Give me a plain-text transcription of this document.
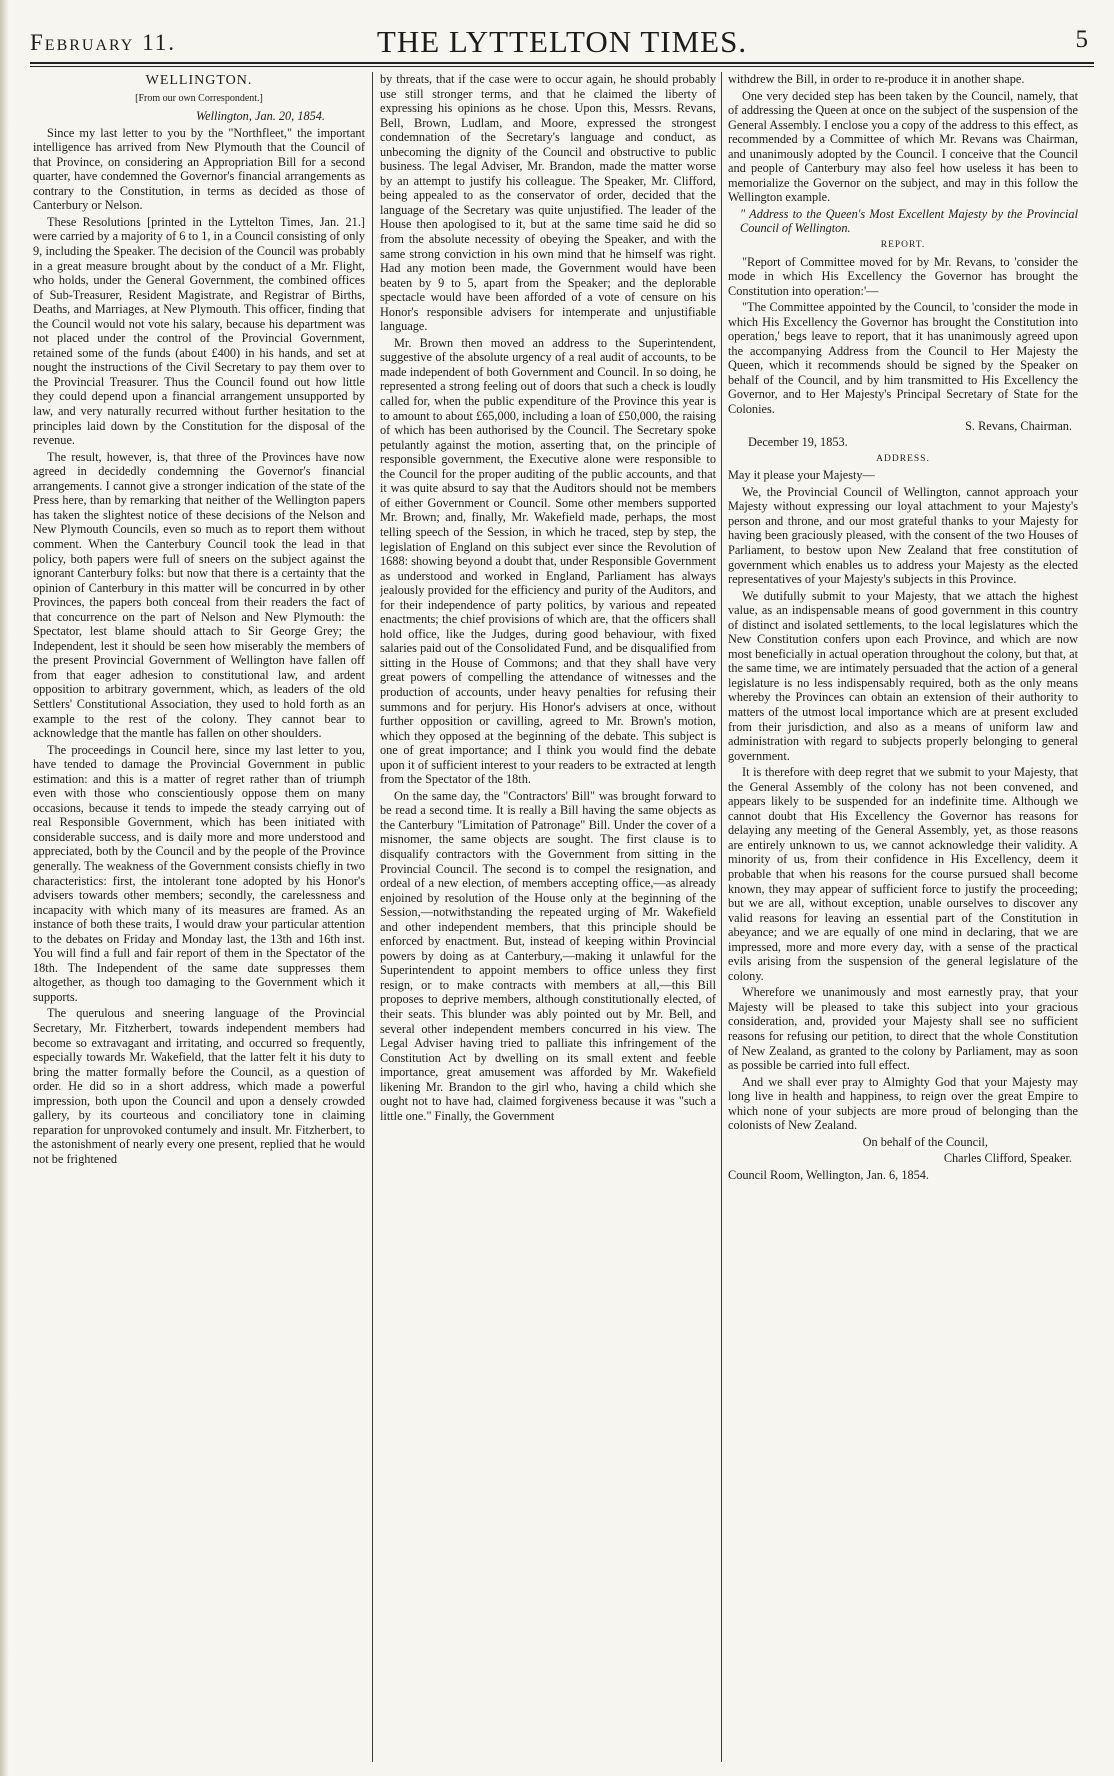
February 11.	THE LYTTELTON TIMES.	5

WELLINGTON.

[From our own Correspondent.]

Wellington, Jan. 20, 1854.

Since my last letter to you by the "Northfleet," the important intelligence has arrived from New Plymouth that the Council of that Province, on considering an Appropriation Bill for a second quarter, have condemned the Governor's financial arrangements as contrary to the Constitution, in terms as decided as those of Canterbury or Nelson.

These Resolutions [printed in the Lyttelton Times, Jan. 21.] were carried by a majority of 6 to 1, in a Council consisting of only 9, including the Speaker. The decision of the Council was probably in a great measure brought about by the conduct of a Mr. Flight, who holds, under the General Government, the combined offices of Sub-Treasurer, Resident Magistrate, and Registrar of Births, Deaths, and Marriages, at New Plymouth. This officer, finding that the Council would not vote his salary, because his department was not placed under the control of the Provincial Government, retained some of the funds (about £400) in his hands, and set at nought the instructions of the Civil Secretary to pay them over to the Provincial Treasurer. Thus the Council found out how little they could depend upon a financial arrangement unsupported by law, and very naturally recurred without further hesitation to the principles laid down by the Constitution for the disposal of the revenue.

The result, however, is, that three of the Provinces have now agreed in decidedly condemning the Governor's financial arrangements. I cannot give a stronger indication of the state of the Press here, than by remarking that neither of the Wellington papers has taken the slightest notice of these decisions of the Nelson and New Plymouth Councils, even so much as to report them without comment. When the Canterbury Council took the lead in that policy, both papers were full of sneers on the subject against the ignorant Canterbury folks: but now that there is a certainty that the opinion of Canterbury in this matter will be concurred in by other Provinces, the papers both conceal from their readers the fact of that concurrence on the part of Nelson and New Plymouth: the Spectator, lest blame should attach to Sir George Grey; the Independent, lest it should be seen how miserably the members of the present Provincial Government of Wellington have fallen off from that eager adhesion to constitutional law, and ardent opposition to arbitrary government, which, as leaders of the old Settlers' Constitutional Association, they used to hold forth as an example to the rest of the colony. They cannot bear to acknowledge that the mantle has fallen on other shoulders.

The proceedings in Council here, since my last letter to you, have tended to damage the Provincial Government in public estimation: and this is a matter of regret rather than of triumph even with those who conscientiously oppose them on many occasions, because it tends to impede the steady carrying out of real Responsible Government, which has been initiated with considerable success, and is daily more and more understood and appreciated, both by the Council and by the people of the Province generally. The weakness of the Government consists chiefly in two characteristics: first, the intolerant tone adopted by his Honor's advisers towards other members; secondly, the carelessness and incapacity with which many of its measures are framed. As an instance of both these traits, I would draw your particular attention to the debates on Friday and Monday last, the 13th and 16th inst. You will find a full and fair report of them in the Spectator of the 18th. The Independent of the same date suppresses them altogether, as though too damaging to the Government which it supports.

The querulous and sneering language of the Provincial Secretary, Mr. Fitzherbert, towards independent members had become so extravagant and irritating, and occurred so frequently, especially towards Mr. Wakefield, that the latter felt it his duty to bring the matter formally before the Council, as a question of order. He did so in a short address, which made a powerful impression, both upon the Council and upon a densely crowded gallery, by its courteous and conciliatory tone in claiming reparation for unprovoked contumely and insult. Mr. Fitzherbert, to the astonishment of nearly every one present, replied that he would not be frightened

by threats, that if the case were to occur again, he should probably use still stronger terms, and that he claimed the liberty of expressing his opinions as he chose. Upon this, Messrs. Revans, Bell, Brown, Ludlam, and Moore, expressed the strongest condemnation of the Secretary's language and conduct, as unbecoming the dignity of the Council and obstructive to public business. The legal Adviser, Mr. Brandon, made the matter worse by an attempt to justify his colleague. The Speaker, Mr. Clifford, being appealed to as the conservator of order, decided that the language of the Secretary was quite unjustified. The leader of the House then apologised to it, but at the same time said he did so from the absolute necessity of obeying the Speaker, and with the same strong conviction in his own mind that he himself was right. Had any motion been made, the Government would have been beaten by 9 to 5, apart from the Speaker; and the deplorable spectacle would have been afforded of a vote of censure on his Honor's responsible advisers for intemperate and unjustifiable language.

Mr. Brown then moved an address to the Superintendent, suggestive of the absolute urgency of a real audit of accounts, to be made independent of both Government and Council. In so doing, he represented a strong feeling out of doors that such a check is loudly called for, when the public expenditure of the Province this year is to amount to about £65,000, including a loan of £50,000, the raising of which has been authorised by the Council. The Secretary spoke petulantly against the motion, asserting that, on the principle of responsible government, the Executive alone were responsible to the Council for the proper auditing of the public accounts, and that it was quite absurd to say that the Auditors should not be members of either Government or Council. Some other members supported Mr. Brown; and, finally, Mr. Wakefield made, perhaps, the most telling speech of the Session, in which he traced, step by step, the legislation of England on this subject ever since the Revolution of 1688: showing beyond a doubt that, under Responsible Government as understood and worked in England, Parliament has always jealously provided for the efficiency and purity of the Auditors, and for their independence of party politics, by various and repeated enactments; the chief provisions of which are, that the officers shall hold office, like the Judges, during good behaviour, with fixed salaries paid out of the Consolidated Fund, and be disqualified from sitting in the House of Commons; and that they shall have very great powers of compelling the attendance of witnesses and the production of accounts, under heavy penalties for refusing their summons and for perjury. His Honor's advisers at once, without further opposition or cavilling, agreed to Mr. Brown's motion, which they opposed at the beginning of the debate. This subject is one of great importance; and I think you would find the debate upon it of sufficient interest to your readers to be extracted at length from the Spectator of the 18th.

On the same day, the "Contractors' Bill" was brought forward to be read a second time. It is really a Bill having the same objects as the Canterbury "Limitation of Patronage" Bill. Under the cover of a misnomer, the same objects are sought. The first clause is to disqualify contractors with the Government from sitting in the Provincial Council. The second is to compel the resignation, and ordeal of a new election, of members accepting office,—as already enjoined by resolution of the House only at the beginning of the Session,—notwithstanding the repeated urging of Mr. Wakefield and other independent members, that this principle should be enforced by enactment. But, instead of keeping within Provincial powers by doing as at Canterbury,—making it unlawful for the Superintendent to appoint members to office unless they first resign, or to make contracts with members at all,—this Bill proposes to deprive members, although constitutionally elected, of their seats. This blunder was ably pointed out by Mr. Bell, and several other independent members concurred in his view. The Legal Adviser having tried to palliate this infringement of the Constitution Act by dwelling on its small extent and feeble importance, great amusement was afforded by Mr. Wakefield likening Mr. Brandon to the girl who, having a child which she ought not to have had, claimed forgiveness because it was "such a little one." Finally, the Government

withdrew the Bill, in order to re-produce it in another shape.

One very decided step has been taken by the Council, namely, that of addressing the Queen at once on the subject of the suspension of the General Assembly. I enclose you a copy of the address to this effect, as recommended by a Committee of which Mr. Revans was Chairman, and unanimously adopted by the Council. I conceive that the Council and people of Canterbury may also feel how useless it has been to memorialize the Governor on the subject, and may in this follow the Wellington example.

" Address to the Queen's Most Excellent Majesty by the Provincial Council of Wellington.

REPORT.

"Report of Committee moved for by Mr. Revans, to 'consider the mode in which His Excellency the Governor has brought the Constitution into operation:'—

"The Committee appointed by the Council, to 'consider the mode in which His Excellency the Governor has brought the Constitution into operation,' begs leave to report, that it has unanimously agreed upon the accompanying Address from the Council to Her Majesty the Queen, which it recommends should be signed by the Speaker on behalf of the Council, and by him transmitted to His Excellency the Governor, and to Her Majesty's Principal Secretary of State for the Colonies.

S. Revans, Chairman.

December 19, 1853.

ADDRESS.

May it please your Majesty—

We, the Provincial Council of Wellington, cannot approach your Majesty without expressing our loyal attachment to your Majesty's person and throne, and our most grateful thanks to your Majesty for having been graciously pleased, with the consent of the two Houses of Parliament, to bestow upon New Zealand that free constitution of government which enables us to address your Majesty as the elected representatives of your Majesty's subjects in this Province.

We dutifully submit to your Majesty, that we attach the highest value, as an indispensable means of good government in this country of distinct and isolated settlements, to the local legislatures which the New Constitution confers upon each Province, and which are now most beneficially in actual operation throughout the colony, but that, at the same time, we are intimately persuaded that the action of a general legislature is no less indispensably required, both as the only means whereby the Provinces can obtain an extension of their authority to matters of the utmost local importance which are at present excluded from their jurisdiction, and also as a means of uniform law and administration with regard to subjects properly belonging to general government.

It is therefore with deep regret that we submit to your Majesty, that the General Assembly of the colony has not been convened, and appears likely to be suspended for an indefinite time. Although we cannot doubt that His Excellency the Governor has reasons for delaying any meeting of the General Assembly, yet, as those reasons are entirely unknown to us, we cannot acknowledge their validity. A minority of us, from their confidence in His Excellency, deem it probable that when his reasons for the course pursued shall become known, they may appear of sufficient force to justify the proceeding; but we are all, without exception, unable ourselves to discover any valid reasons for leaving an essential part of the Constitution in abeyance; and we are equally of one mind in declaring, that we are impressed, more and more every day, with a sense of the practical evils arising from the suspension of the general legislature of the colony.

Wherefore we unanimously and most earnestly pray, that your Majesty will be pleased to take this subject into your gracious consideration, and, provided your Majesty shall see no sufficient reasons for refusing our petition, to direct that the whole Constitution of New Zealand, as granted to the colony by Parliament, may as soon as possible be carried into full effect.

And we shall ever pray to Almighty God that your Majesty may long live in health and happiness, to reign over the great Empire to which none of your subjects are more proud of belonging than the colonists of New Zealand.

On behalf of the Council,

Charles Clifford, Speaker.

Council Room, Wellington, Jan. 6, 1854.
